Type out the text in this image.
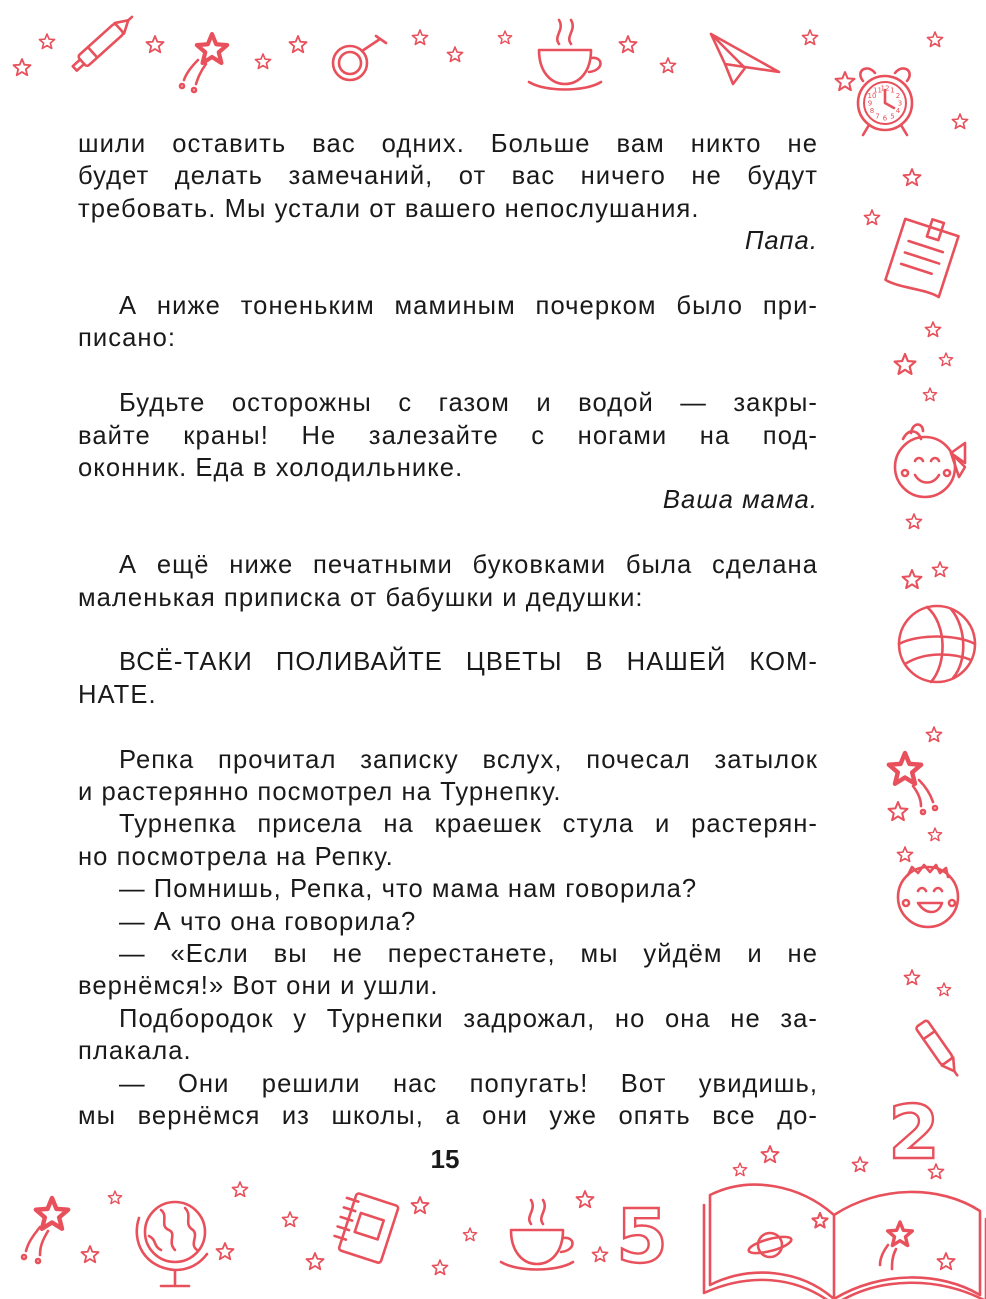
12 1
2
3
4
5
6
7
8
9
10
11
2
5

шили оставить вас одних. Больше вам никто не

будет делать замечаний, от вас ничего не будут

требовать. Мы устали от вашего непослушания.

Папа.

А ниже тоненьким маминым почерком было при-

писано:

Будьте осторожны с газом и водой — закры-

вайте краны! Не залезайте с ногами на под-

оконник. Еда в холодильнике.

Ваша мама.

А ещё ниже печатными буковками была сделана

маленькая приписка от бабушки и дедушки:

ВСЁ-ТАКИ ПОЛИВАЙТЕ ЦВЕТЫ В НАШЕЙ КОМ-

НАТЕ.

Репка прочитал записку вслух, почесал затылок

и растерянно посмотрел на Турнепку.

Турнепка присела на краешек стула и растерян-

но посмотрела на Репку.

— Помнишь, Репка, что мама нам говорила?

— А что она говорила?

— «Если вы не перестанете, мы уйдём и не

вернёмся!» Вот они и ушли.

Подбородок у Турнепки задрожал, но она не за-

плакала.

— Они решили нас попугать! Вот увидишь,

мы вернёмся из школы, а они уже опять все до-

15
